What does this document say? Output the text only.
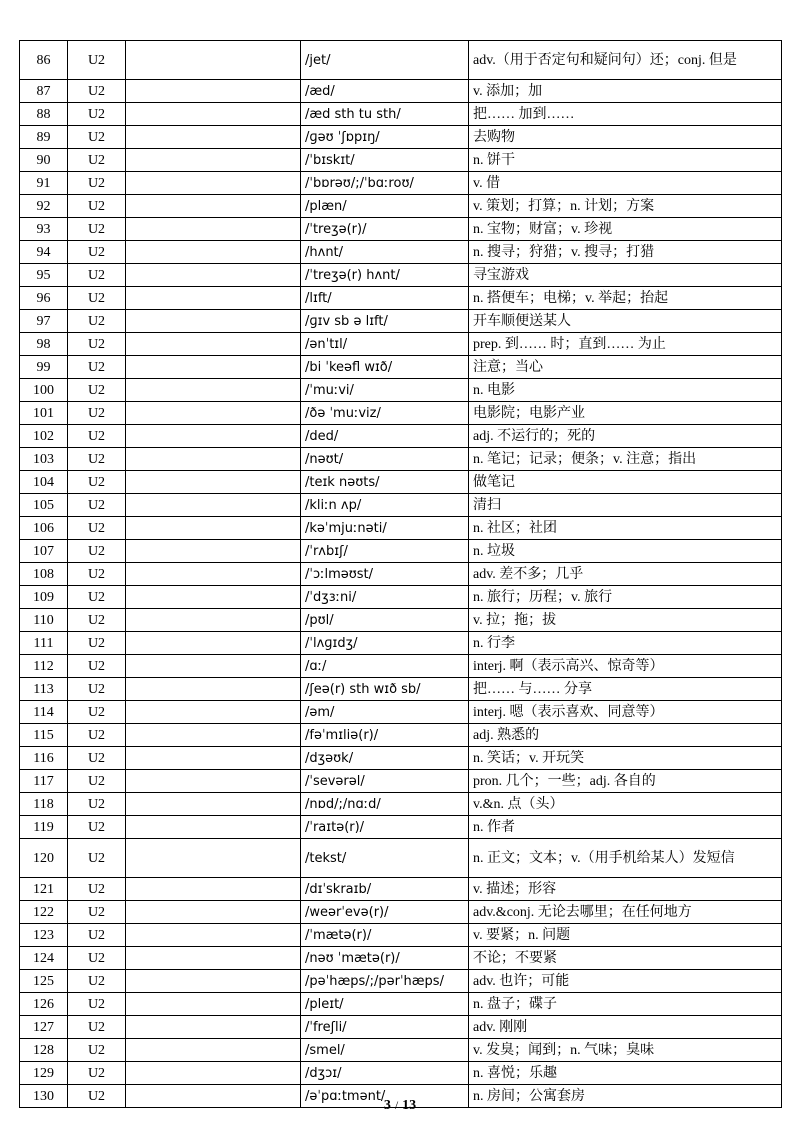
86	U2		/jet/	adv.（用于否定句和疑问句）还；conj. 但是
87	U2		/æd/	v. 添加；加
88	U2		/æd sth tu sth/	把…… 加到……
89	U2		/ɡəʊ ˈʃɒpɪŋ/	去购物
90	U2		/ˈbɪskɪt/	n. 饼干
91	U2		/ˈbɒrəʊ/;/ˈbɑːroʊ/	v. 借
92	U2		/plæn/	v. 策划；打算；n. 计划；方案
93	U2		/ˈtreʒə(r)/	n. 宝物；财富；v. 珍视
94	U2		/hʌnt/	n. 搜寻；狩猎；v. 搜寻；打猎
95	U2		/ˈtreʒə(r) hʌnt/	寻宝游戏
96	U2		/lɪft/	n. 搭便车；电梯；v. 举起；抬起
97	U2		/ɡɪv sb ə lɪft/	开车顺便送某人
98	U2		/ənˈtɪl/	prep. 到…… 时；直到…… 为止
99	U2		/bi ˈkeəfl wɪð/	注意；当心
100	U2		/ˈmuːvi/	n. 电影
101	U2		/ðə ˈmuːviz/	电影院；电影产业
102	U2		/ded/	adj. 不运行的；死的
103	U2		/nəʊt/	n. 笔记；记录；便条；v. 注意；指出
104	U2		/teɪk nəʊts/	做笔记
105	U2		/kliːn ʌp/	清扫
106	U2		/kəˈmjuːnəti/	n. 社区；社团
107	U2		/ˈrʌbɪʃ/	n. 垃圾
108	U2		/ˈɔːlməʊst/	adv. 差不多；几乎
109	U2		/ˈdʒɜːni/	n. 旅行；历程；v. 旅行
110	U2		/pʊl/	v. 拉；拖；拔
111	U2		/ˈlʌɡɪdʒ/	n. 行李
112	U2		/ɑː/	interj. 啊（表示高兴、惊奇等）
113	U2		/ʃeə(r) sth wɪð sb/	把…… 与…… 分享
114	U2		/əm/	interj. 嗯（表示喜欢、同意等）
115	U2		/fəˈmɪliə(r)/	adj. 熟悉的
116	U2		/dʒəʊk/	n. 笑话；v. 开玩笑
117	U2		/ˈsevərəl/	pron. 几个；一些；adj. 各自的
118	U2		/nɒd/;/nɑːd/	v.&n. 点（头）
119	U2		/ˈraɪtə(r)/	n. 作者
120	U2		/tekst/	n. 正文；文本；v.（用手机给某人）发短信
121	U2		/dɪˈskraɪb/	v. 描述；形容
122	U2		/weərˈevə(r)/	adv.&conj. 无论去哪里；在任何地方
123	U2		/ˈmætə(r)/	v. 要紧；n. 问题
124	U2		/nəʊ ˈmætə(r)/	不论；不要紧
125	U2		/pəˈhæps/;/pərˈhæps/	adv. 也许；可能
126	U2		/pleɪt/	n. 盘子；碟子
127	U2		/ˈfreʃli/	adv. 刚刚
128	U2		/smel/	v. 发臭；闻到；n. 气味；臭味
129	U2		/dʒɔɪ/	n. 喜悦；乐趣
130	U2		/əˈpɑːtmənt/	n. 房间；公寓套房
3 / 13
